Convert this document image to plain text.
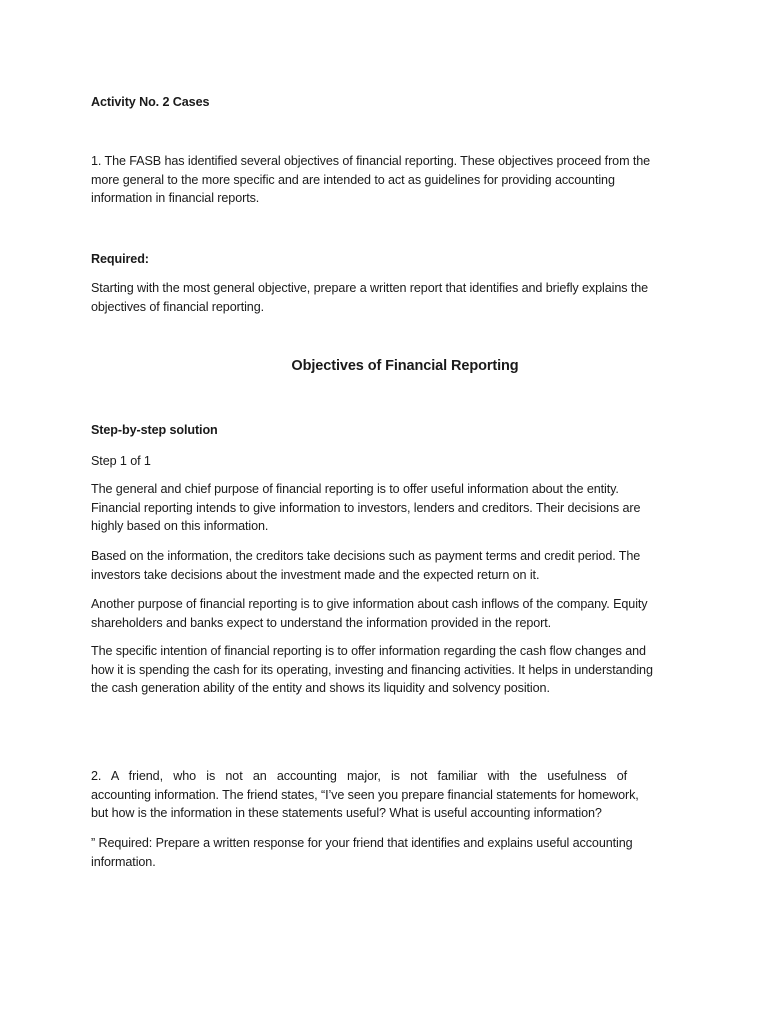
Activity No. 2 Cases
1. The FASB has identified several objectives of financial reporting. These objectives proceed from the
more general to the more specific and are intended to act as guidelines for providing accounting
information in financial reports.
Required:
Starting with the most general objective, prepare a written report that identifies and briefly explains the
objectives of financial reporting.
Objectives of Financial Reporting
Step-by-step solution
Step 1 of 1
The general and chief purpose of financial reporting is to offer useful information about the entity.
Financial reporting intends to give information to investors, lenders and creditors. Their decisions are
highly based on this information.
Based on the information, the creditors take decisions such as payment terms and credit period. The
investors take decisions about the investment made and the expected return on it.
Another purpose of financial reporting is to give information about cash inflows of the company. Equity
shareholders and banks expect to understand the information provided in the report.
The specific intention of financial reporting is to offer information regarding the cash flow changes and
how it is spending the cash for its operating, investing and financing activities. It helps in understanding
the cash generation ability of the entity and shows its liquidity and solvency position.
2. A friend, who is not an accounting major, is not familiar with the usefulness of
accounting information. The friend states, “I’ve seen you prepare financial statements for homework,
but how is the information in these statements useful? What is useful accounting information?
” Required: Prepare a written response for your friend that identifies and explains useful accounting
information.
